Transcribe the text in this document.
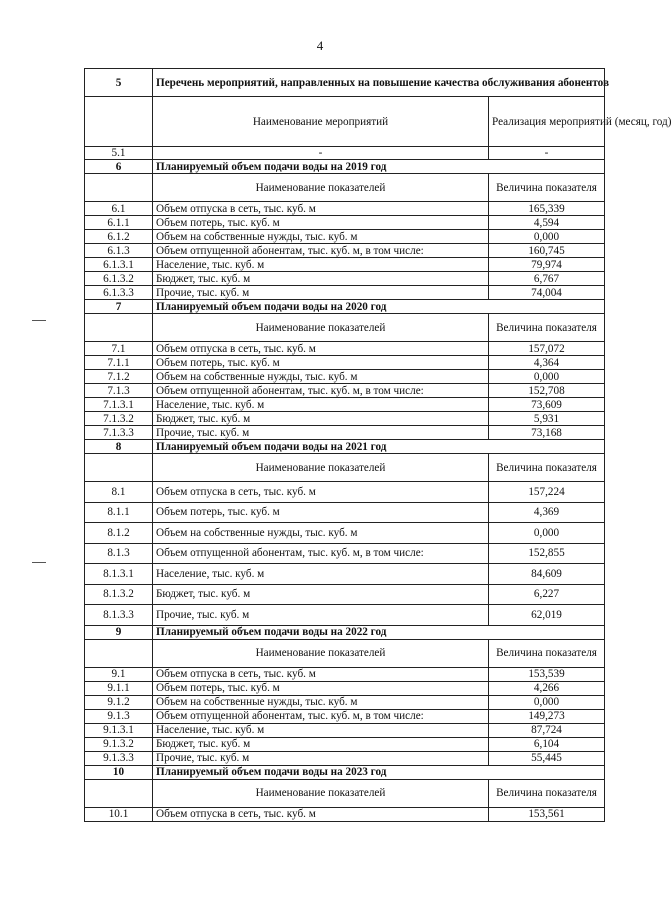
4
5	Перечень мероприятий, направленных на повышение качества обслуживания абонентов	
	Наименование мероприятий	Реализация мероприятий (месяц, год)
5.1	-	-
6	Планируемый объем подачи воды на 2019 год	
	Наименование показателей	Величина показателя
6.1	Объем отпуска в сеть, тыс. куб. м	165,339
6.1.1	Объем потерь, тыс. куб. м	4,594
6.1.2	Объем на собственные нужды, тыс. куб. м	0,000
6.1.3	Объем отпущенной абонентам, тыс. куб. м, в том числе:	160,745
6.1.3.1	Население, тыс. куб. м	79,974
6.1.3.2	Бюджет, тыс. куб. м	6,767
6.1.3.3	Прочие, тыс. куб. м	74,004
7	Планируемый объем подачи воды на 2020 год	
	Наименование показателей	Величина показателя
7.1	Объем отпуска в сеть, тыс. куб. м	157,072
7.1.1	Объем потерь, тыс. куб. м	4,364
7.1.2	Объем на собственные нужды, тыс. куб. м	0,000
7.1.3	Объем отпущенной абонентам, тыс. куб. м, в том числе:	152,708
7.1.3.1	Население, тыс. куб. м	73,609
7.1.3.2	Бюджет, тыс. куб. м	5,931
7.1.3.3	Прочие, тыс. куб. м	73,168
8	Планируемый объем подачи воды на 2021 год	
	Наименование показателей	Величина показателя
8.1	Объем отпуска в сеть, тыс. куб. м	157,224
8.1.1	Объем потерь, тыс. куб. м	4,369
8.1.2	Объем на собственные нужды, тыс. куб. м	0,000
8.1.3	Объем отпущенной абонентам, тыс. куб. м, в том числе:	152,855
8.1.3.1	Население, тыс. куб. м	84,609
8.1.3.2	Бюджет, тыс. куб. м	6,227
8.1.3.3	Прочие, тыс. куб. м	62,019
9	Планируемый объем подачи воды на 2022 год	
	Наименование показателей	Величина показателя
9.1	Объем отпуска в сеть, тыс. куб. м	153,539
9.1.1	Объем потерь, тыс. куб. м	4,266
9.1.2	Объем на собственные нужды, тыс. куб. м	0,000
9.1.3	Объем отпущенной абонентам, тыс. куб. м, в том числе:	149,273
9.1.3.1	Население, тыс. куб. м	87,724
9.1.3.2	Бюджет, тыс. куб. м	6,104
9.1.3.3	Прочие, тыс. куб. м	55,445
10	Планируемый объем подачи воды на 2023 год	
	Наименование показателей	Величина показателя
10.1	Объем отпуска в сеть, тыс. куб. м	153,561
